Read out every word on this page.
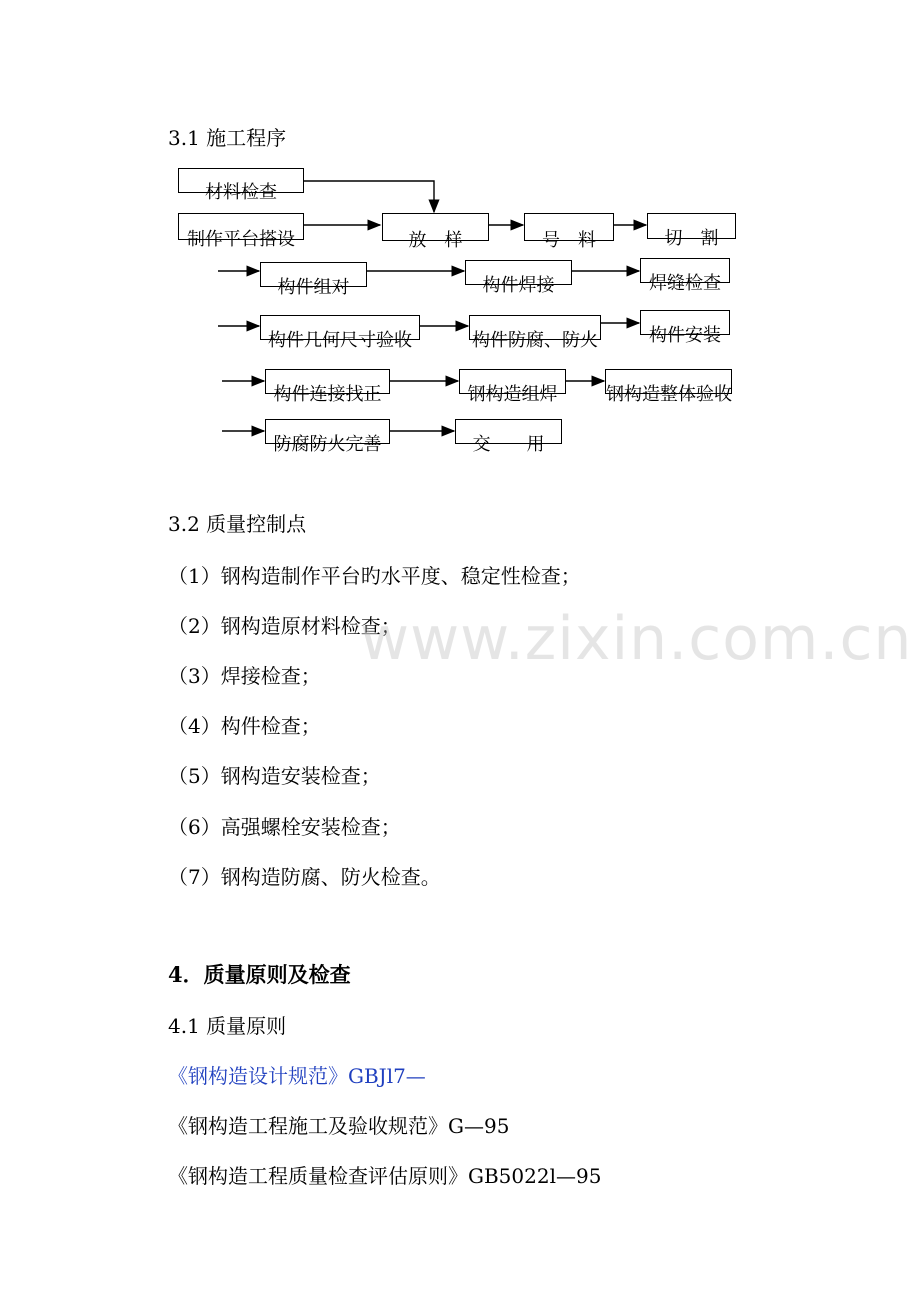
3.1 施工程序
材料检查
制作平台搭设	放　样	号　料	切　割
构件组对	构件焊接	焊缝检查
构件几何尺寸验收	构件防腐、防火	构件安装
构件连接找正	钢构造组焊	钢构造整体验收
防腐防火完善	交　　用
3.2 质量控制点
（1）钢构造制作平台旳水平度、稳定性检查；
（2）钢构造原材料检查；
（3）焊接检查；
（4）构件检查；
（5）钢构造安装检查；
（6）高强螺栓安装检查；
（7）钢构造防腐、防火检查。
4．质量原则及检查
4.1 质量原则
《钢构造设计规范》GBJl7—
《钢构造工程施工及验收规范》G—95
《钢构造工程质量检查评估原则》GB5022l—95
www.zixin.com.cn
